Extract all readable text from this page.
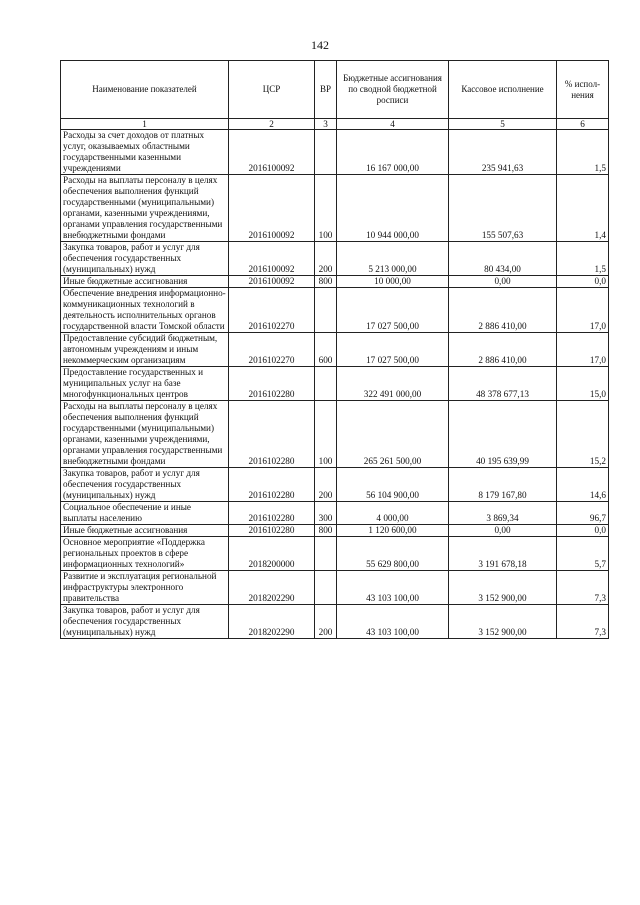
142
Наименование показателей	ЦСР	ВР	Бюджетные ассигнования по сводной бюджетной росписи	Кассовое исполнение	% испол- нения
1	2	3	4	5	6
Расходы за счет доходов от платных услуг, оказываемых областными государственными казенными учреждениями	2016100092		16 167 000,00	235 941,63	1,5
Расходы на выплаты персоналу в целях обеспечения выполнения функций государственными (муниципальными) органами, казенными учреждениями, органами управления государственными внебюджетными фондами	2016100092	100	10 944 000,00	155 507,63	1,4
Закупка товаров, работ и услуг для обеспечения государственных (муниципальных) нужд	2016100092	200	5 213 000,00	80 434,00	1,5
Иные бюджетные ассигнования	2016100092	800	10 000,00	0,00	0,0
Обеспечение внедрения информационно-коммуникационных технологий в деятельность исполнительных органов государственной власти Томской области	2016102270		17 027 500,00	2 886 410,00	17,0
Предоставление субсидий бюджетным, автономным учреждениям и иным некоммерческим организациям	2016102270	600	17 027 500,00	2 886 410,00	17,0
Предоставление государственных и муниципальных услуг на базе многофункциональных центров	2016102280		322 491 000,00	48 378 677,13	15,0
Расходы на выплаты персоналу в целях обеспечения выполнения функций государственными (муниципальными) органами, казенными учреждениями, органами управления государственными внебюджетными фондами	2016102280	100	265 261 500,00	40 195 639,99	15,2
Закупка товаров, работ и услуг для обеспечения государственных (муниципальных) нужд	2016102280	200	56 104 900,00	8 179 167,80	14,6
Социальное обеспечение и иные выплаты населению	2016102280	300	4 000,00	3 869,34	96,7
Иные бюджетные ассигнования	2016102280	800	1 120 600,00	0,00	0,0
Основное мероприятие «Поддержка региональных проектов в сфере информационных технологий»	2018200000		55 629 800,00	3 191 678,18	5,7
Развитие и эксплуатация региональной инфраструктуры электронного правительства	2018202290		43 103 100,00	3 152 900,00	7,3
Закупка товаров, работ и услуг для обеспечения государственных (муниципальных) нужд	2018202290	200	43 103 100,00	3 152 900,00	7,3
